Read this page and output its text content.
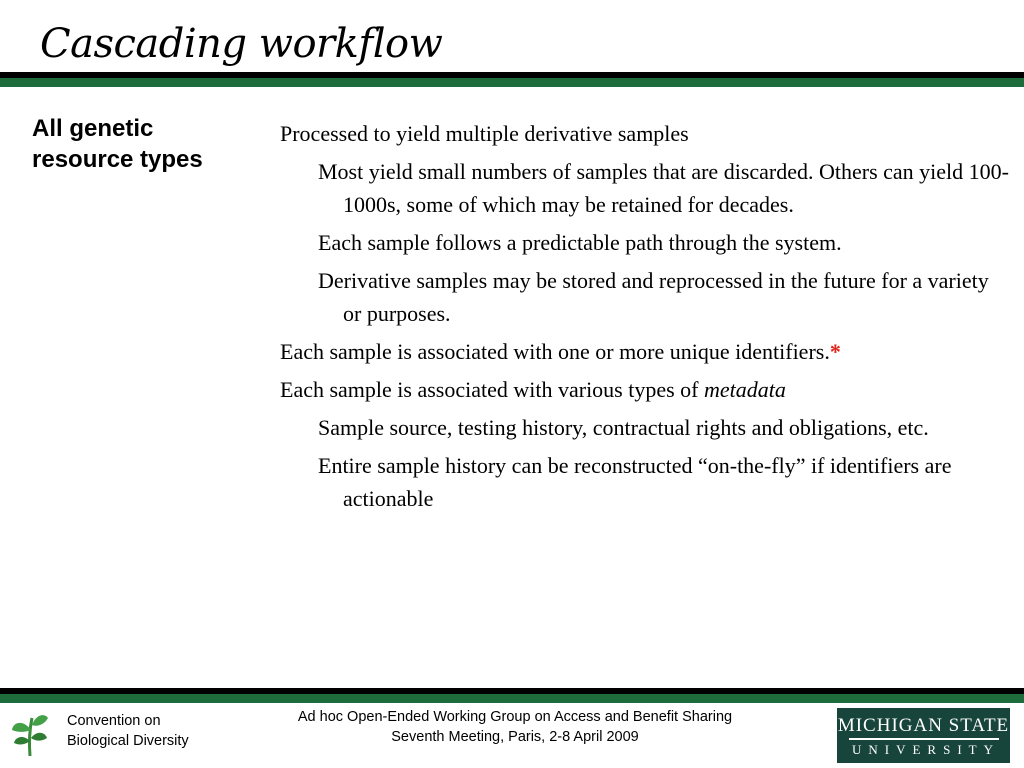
Cascading workflow
All genetic resource types

Processed to yield multiple derivative samples

Most yield small numbers of samples that are discarded. Others can yield 100-1000s, some of which may be retained for decades.

Each sample follows a predictable path through the system.

Derivative samples may be stored and reprocessed in the future for a variety or purposes.

Each sample is associated with one or more unique identifiers.*

Each sample is associated with various types of metadata

Sample source, testing history, contractual rights and obligations, etc.

Entire sample history can be reconstructed “on-the-fly” if identifiers are actionable

Convention on Biological Diversity
Ad hoc Open-Ended Working Group on Access and Benefit Sharing
Seventh Meeting, Paris, 2-8 April 2009
MICHIGAN STATE
UNIVERSITY
